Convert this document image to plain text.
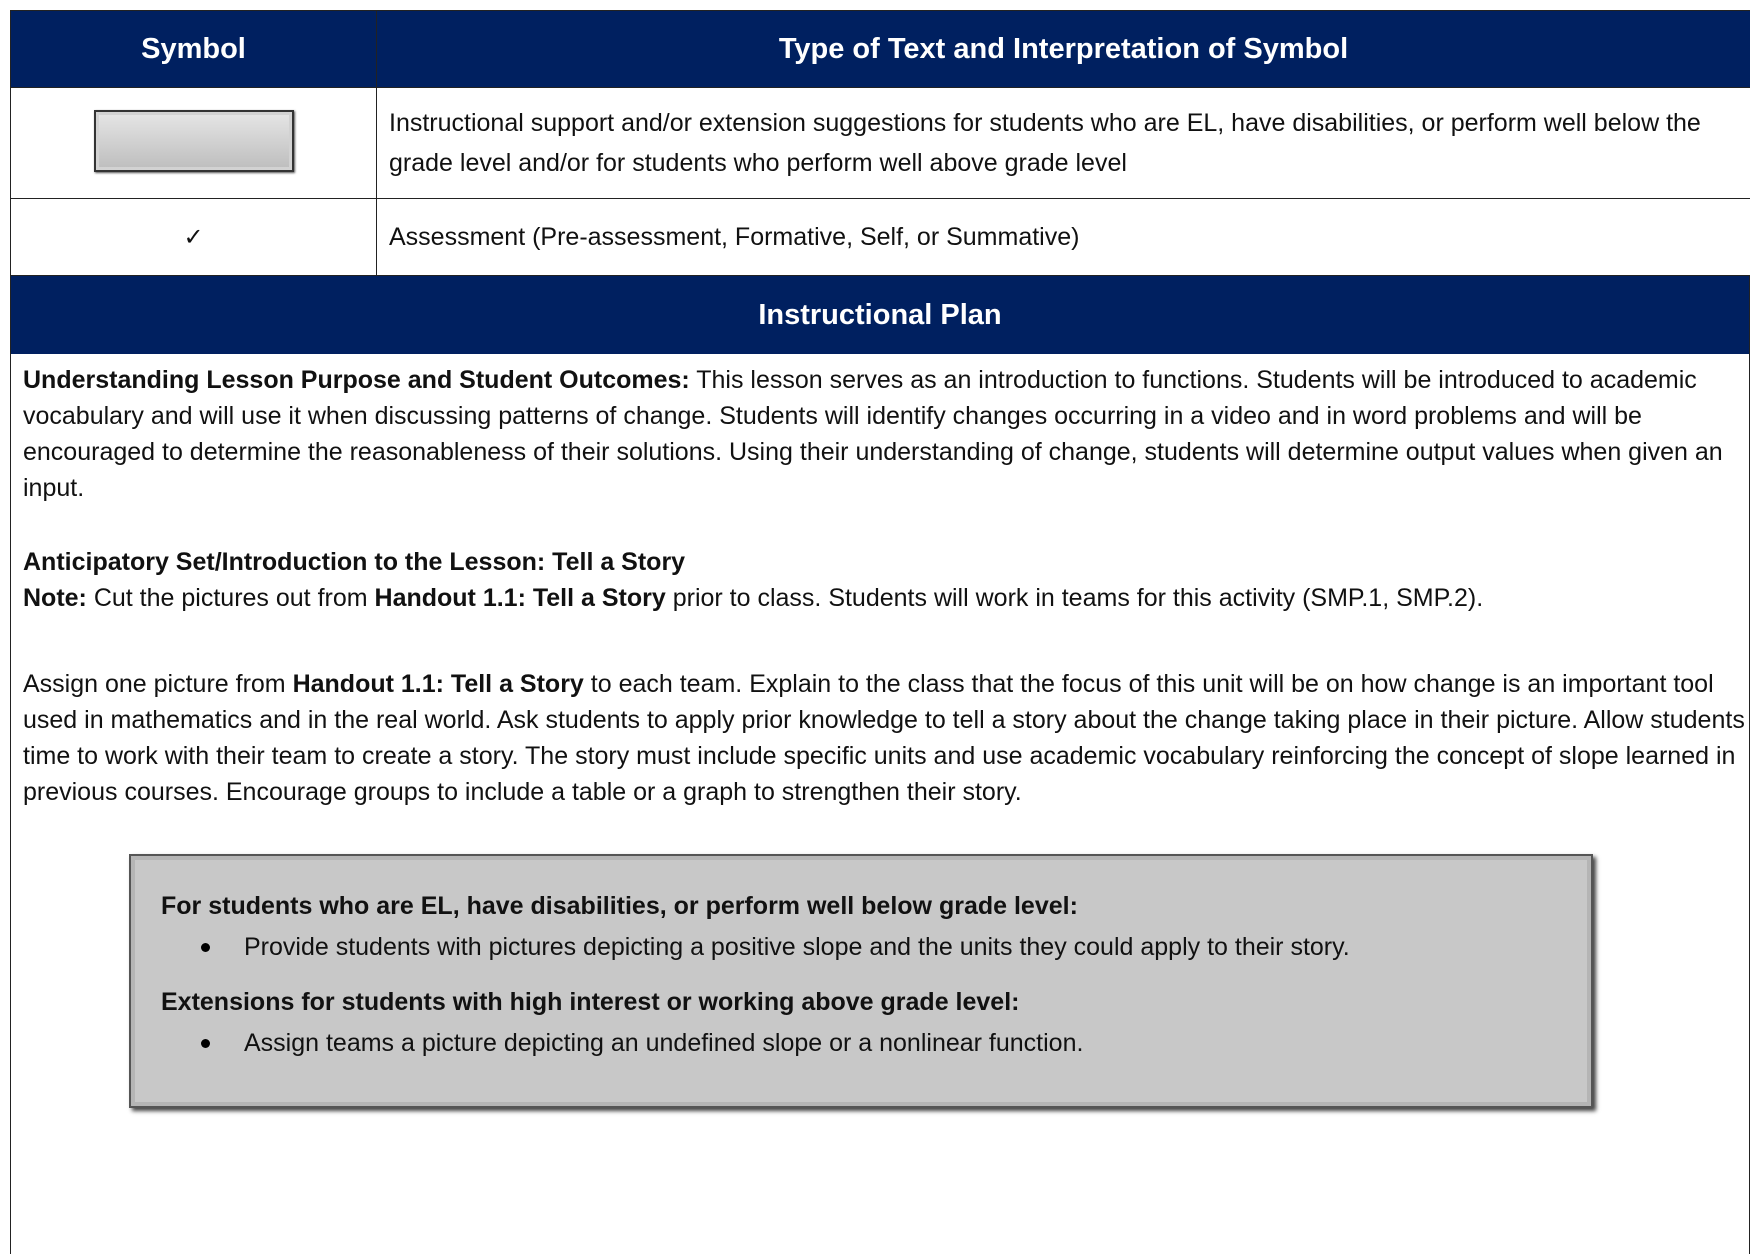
Symbol	Type of Text and Interpretation of Symbol
	Instructional support and/or extension suggestions for students who are EL, have disabilities, or perform well below the grade level and/or for students who perform well above grade level
✓	Assessment (Pre-assessment, Formative, Self, or Summative)
Instructional Plan

Understanding Lesson Purpose and Student Outcomes: This lesson serves as an introduction to functions. Students will be introduced to academic vocabulary and will use it when discussing patterns of change. Students will identify changes occurring in a video and in word problems and will be encouraged to determine the reasonableness of their solutions. Using their understanding of change, students will determine output values when given an input.

Anticipatory Set/Introduction to the Lesson: Tell a Story

Note: Cut the pictures out from Handout 1.1: Tell a Story prior to class. Students will work in teams for this activity (SMP.1, SMP.2).

Assign one picture from Handout 1.1: Tell a Story to each team. Explain to the class that the focus of this unit will be on how change is an important tool used in mathematics and in the real world. Ask students to apply prior knowledge to tell a story about the change taking place in their picture. Allow students time to work with their team to create a story. The story must include specific units and use academic vocabulary reinforcing the concept of slope learned in previous courses. Encourage groups to include a table or a graph to strengthen their story.

For students who are EL, have disabilities, or perform well below grade level:

Provide students with pictures depicting a positive slope and the units they could apply to their story.

Extensions for students with high interest or working above grade level:

Assign teams a picture depicting an undefined slope or a nonlinear function.
